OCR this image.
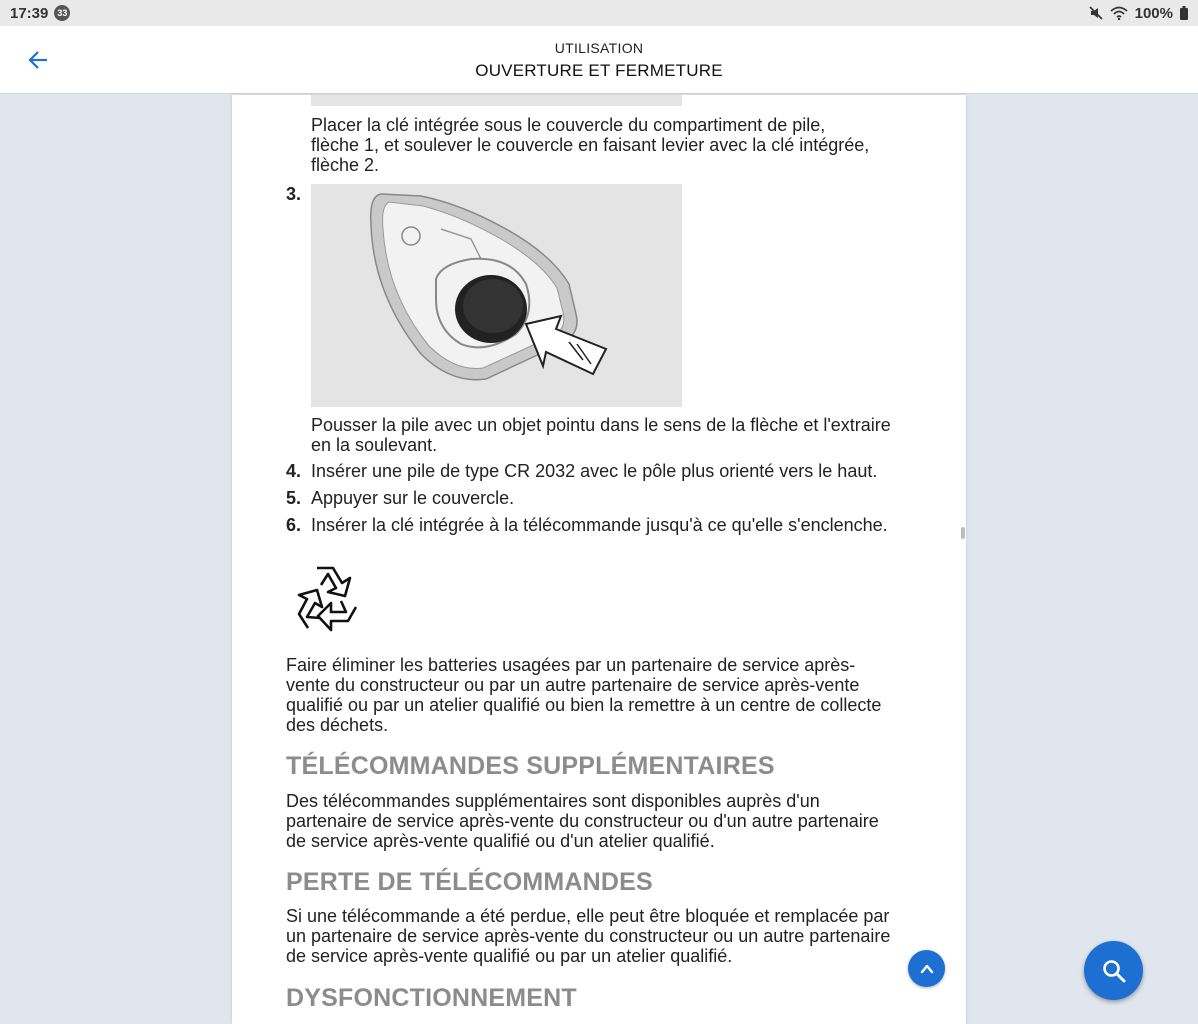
17:39 33	100%
UTILISATION
OUVERTURE ET FERMETURE
Placer la clé intégrée sous le couvercle du compartiment de pile,
flèche 1, et soulever le couvercle en faisant levier avec la clé intégrée,
flèche 2.
3.
Pousser la pile avec un objet pointu dans le sens de la flèche et l'extraire
en la soulevant.
4. Insérer une pile de type CR 2032 avec le pôle plus orienté vers le haut.
5. Appuyer sur le couvercle.
6. Insérer la clé intégrée à la télécommande jusqu'à ce qu'elle s'enclenche.
Faire éliminer les batteries usagées par un partenaire de service après-
vente du constructeur ou par un autre partenaire de service après-vente
qualifié ou par un atelier qualifié ou bien la remettre à un centre de collecte
des déchets.
TÉLÉCOMMANDES SUPPLÉMENTAIRES
Des télécommandes supplémentaires sont disponibles auprès d'un
partenaire de service après-vente du constructeur ou d'un autre partenaire
de service après-vente qualifié ou d'un atelier qualifié.
PERTE DE TÉLÉCOMMANDES
Si une télécommande a été perdue, elle peut être bloquée et remplacée par
un partenaire de service après-vente du constructeur ou un autre partenaire
de service après-vente qualifié ou par un atelier qualifié.
DYSFONCTIONNEMENT
